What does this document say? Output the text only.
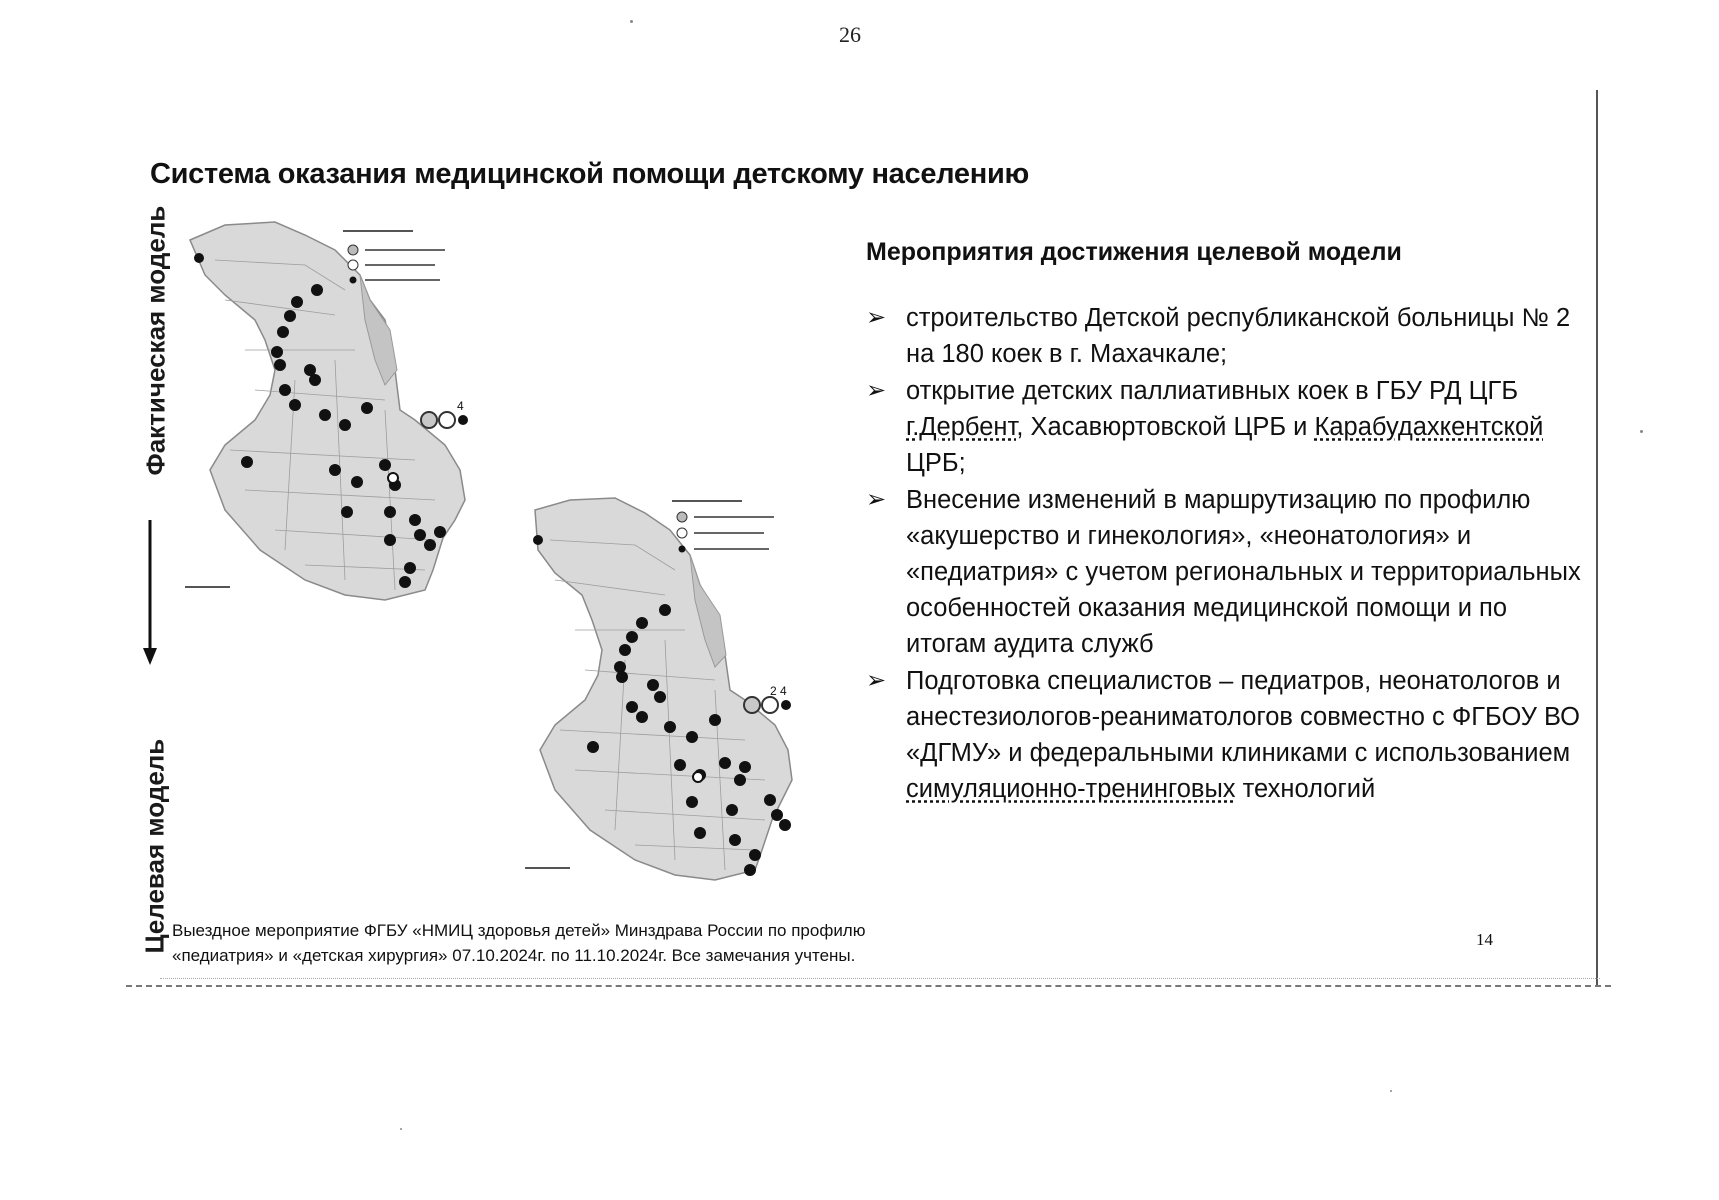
26
Система оказания медицинской помощи детскому населению
Фактическая модель
Целевая модель
4
2 4
Мероприятия достижения целевой модели
➢ строительство Детской республиканской больницы № 2 на 180 коек в г. Махачкале;
➢ открытие детских паллиативных коек в ГБУ РД ЦГБ г.Дербент, Хасавюртовской ЦРБ и Карабудахкентской ЦРБ;
➢ Внесение изменений в маршрутизацию по профилю «акушерство и гинекология», «неонатология» и «педиатрия» с учетом региональных и территориальных особенностей оказания медицинской помощи и по итогам аудита служб
➢ Подготовка специалистов – педиатров, неонатологов и анестезиологов-реаниматологов совместно с ФГБОУ ВО «ДГМУ» и федеральными клиниками с использованием симуляционно-тренинговых технологий
Выездное мероприятие ФГБУ «НМИЦ здоровья детей» Минздрава России по профилю «педиатрия» и «детская хирургия» 07.10.2024г. по 11.10.2024г. Все замечания учтены.
14
